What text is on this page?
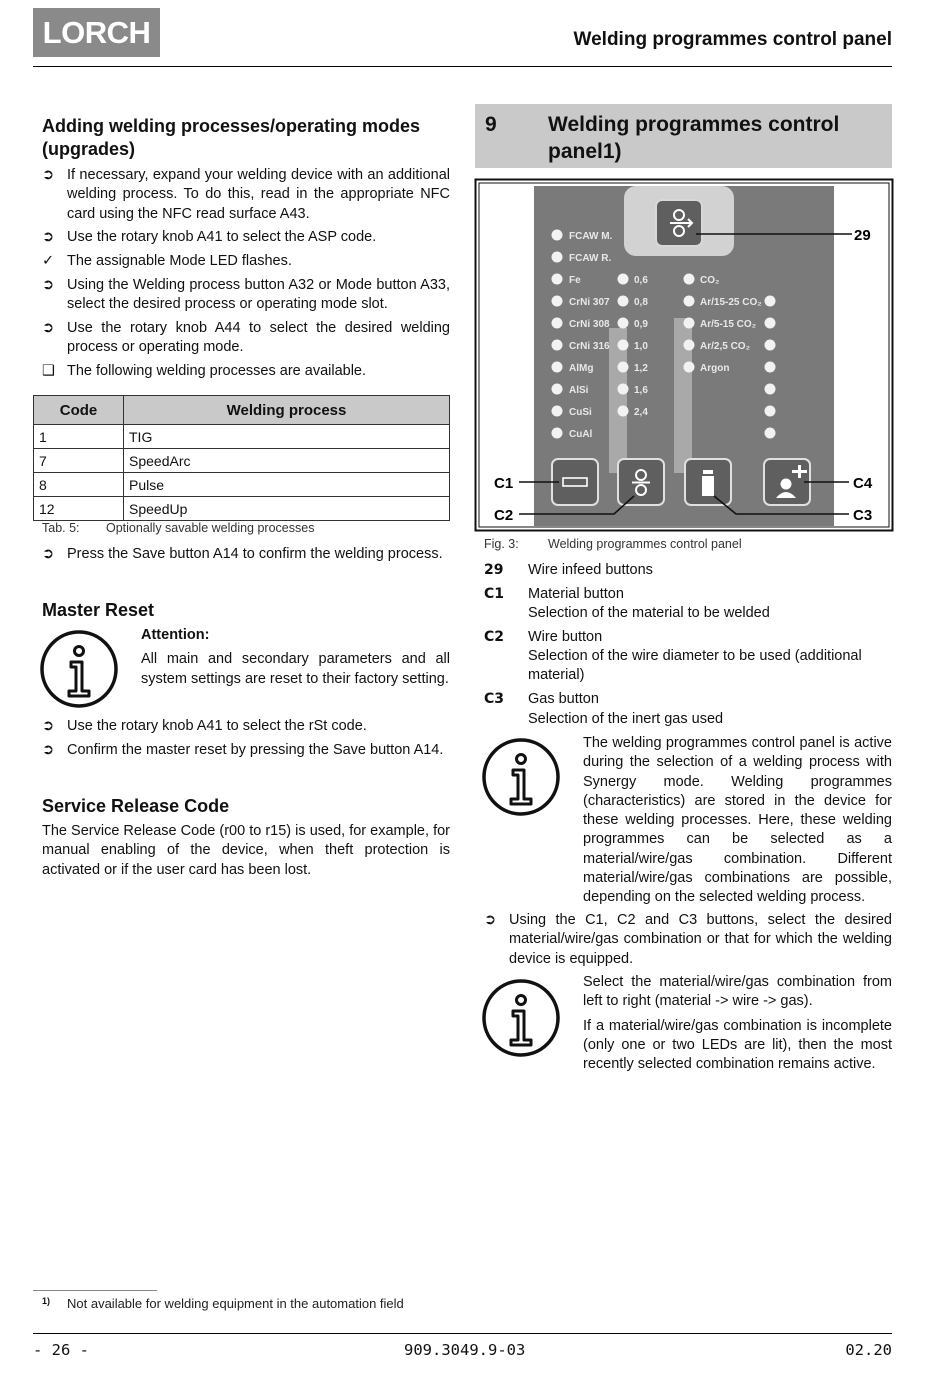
LORCH	Welding programmes control panel
Adding welding processes/operating modes (upgrades)
➲ If necessary, expand your welding device with an additional welding process. To do this, read in the appropriate NFC card using the NFC read surface A43.
➲ Use the rotary knob A41 to select the ASP code.
✓ The assignable Mode LED flashes.
➲ Using the Welding process button A32 or Mode button A33, select the desired process or operating mode slot.
➲ Use the rotary knob A44 to select the desired welding process or operating mode.
❑ The following welding processes are available.
Code	Welding process
1	TIG
7	SpeedArc
8	Pulse
12	SpeedUp
Tab. 5: Optionally savable welding processes
➲ Press the Save button A14 to confirm the welding process.
Master Reset
Attention:
All main and secondary parameters and all system settings are reset to their factory setting.
➲ Use the rotary knob A41 to select the rSt code.
➲ Confirm the master reset by pressing the Save button A14.
Service Release Code
The Service Release Code (r00 to r15) is used, for example, for manual enabling of the device, when theft protection is activated or if the user card has been lost.
9 Welding programmes control panel1)
FCAW M.
FCAW R.
Fe
CrNi 307
CrNi 308
CrNi 316
AlMg
AlSi
CuSi
CuAl
0,6
0,8
0,9
1,0
1,2
1,6
2,4
CO₂
Ar/15-25 CO₂
Ar/5-15 CO₂
Ar/2,5 CO₂
Argon
29
C1
C2	C3
C4
Fig. 3: Welding programmes control panel
29 Wire infeed buttons
C1 Material button
Selection of the material to be welded
C2 Wire button
Selection of the wire diameter to be used (additional material)
C3 Gas button
Selection of the inert gas used
The welding programmes control panel is active during the selection of a welding process with Synergy mode. Welding programmes (characteristics) are stored in the device for these welding processes. Here, these welding programmes can be selected as a material/wire/gas combination. Different material/wire/gas combinations are possible, depending on the selected welding process.
➲ Using the C1, C2 and C3 buttons, select the desired material/wire/gas combination or that for which the welding device is equipped.
Select the material/wire/gas combination from left to right (material -> wire -> gas).
If a material/wire/gas combination is incomplete (only one or two LEDs are lit), then the most recently selected combination remains active.
1) Not available for welding equipment in the automation field
- 26 -	909.3049.9-03	02.20
